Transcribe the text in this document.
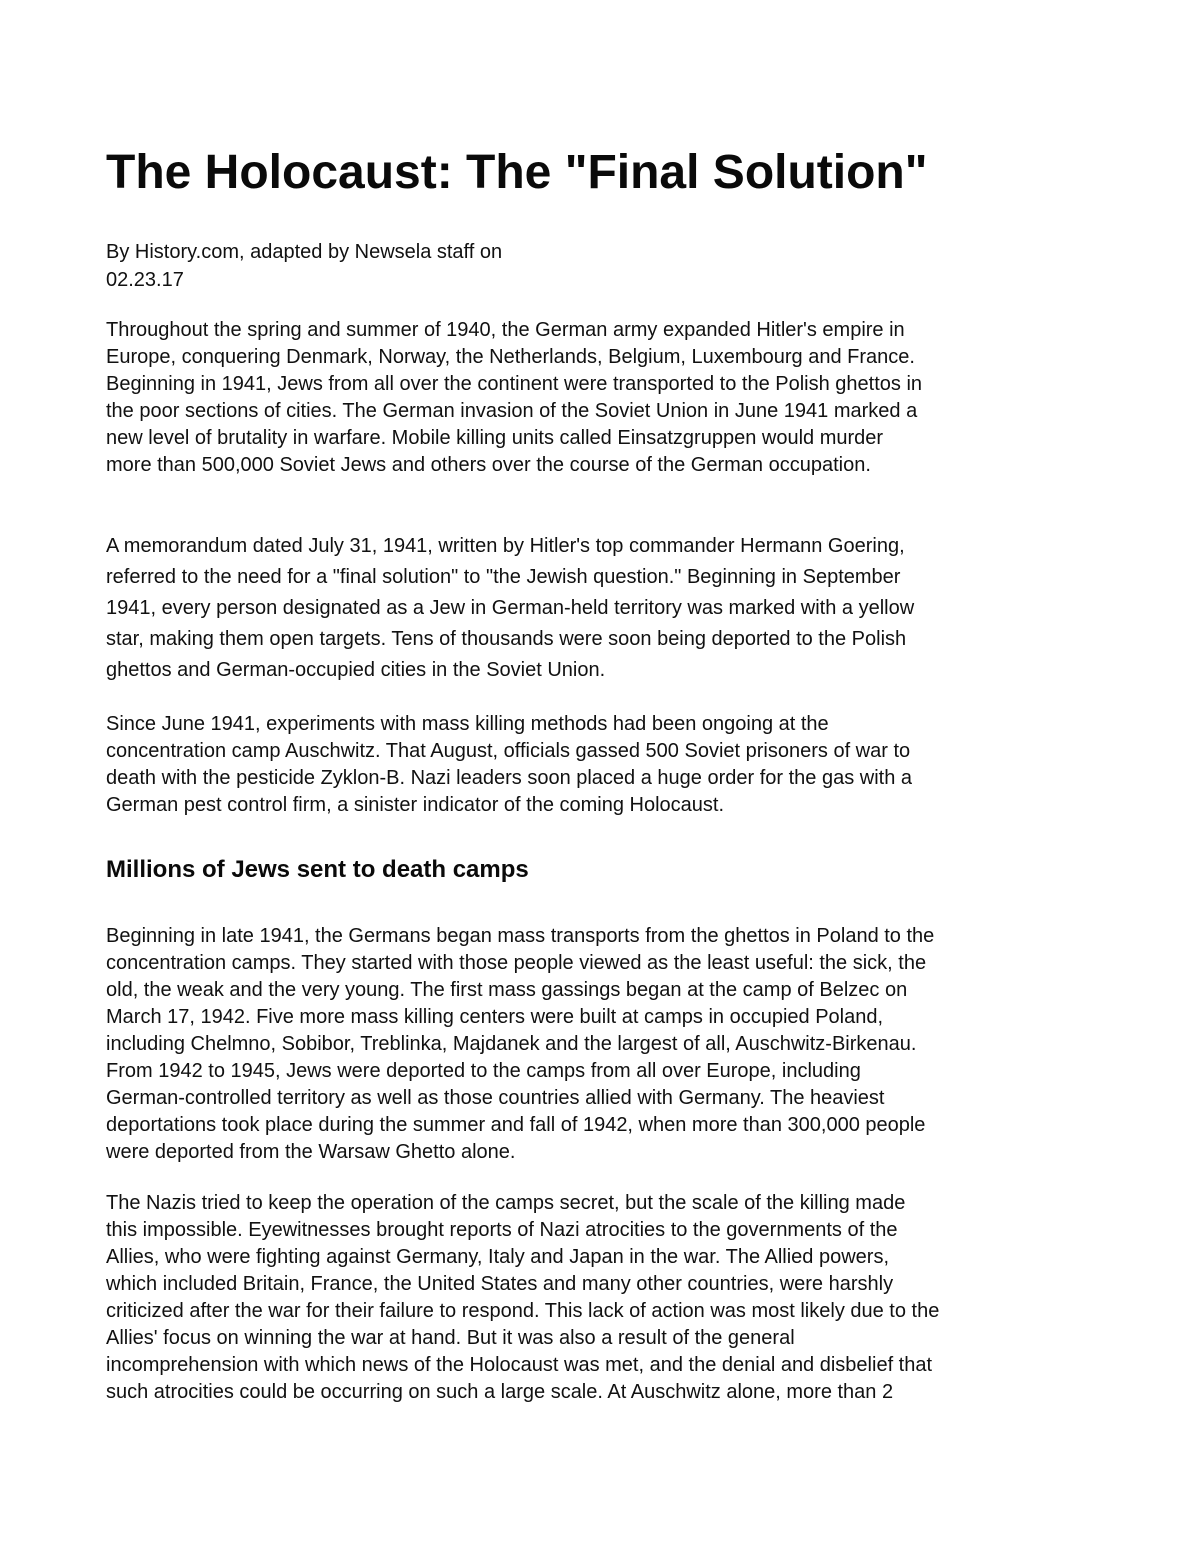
The Holocaust: The "Final Solution"
By History.com, adapted by Newsela staff on
02.23.17
Throughout the spring and summer of 1940, the German army expanded Hitler's empire in
Europe, conquering Denmark, Norway, the Netherlands, Belgium, Luxembourg and France.
Beginning in 1941, Jews from all over the continent were transported to the Polish ghettos in
the poor sections of cities. The German invasion of the Soviet Union in June 1941 marked a
new level of brutality in warfare. Mobile killing units called Einsatzgruppen would murder
more than 500,000 Soviet Jews and others over the course of the German occupation.
A memorandum dated July 31, 1941, written by Hitler's top commander Hermann Goering,
referred to the need for a "final solution" to "the Jewish question." Beginning in September
1941, every person designated as a Jew in German-held territory was marked with a yellow
star, making them open targets. Tens of thousands were soon being deported to the Polish
ghettos and German-occupied cities in the Soviet Union.
Since June 1941, experiments with mass killing methods had been ongoing at the
concentration camp Auschwitz. That August, officials gassed 500 Soviet prisoners of war to
death with the pesticide Zyklon-B. Nazi leaders soon placed a huge order for the gas with a
German pest control firm, a sinister indicator of the coming Holocaust.
Millions of Jews sent to death camps
Beginning in late 1941, the Germans began mass transports from the ghettos in Poland to the
concentration camps. They started with those people viewed as the least useful: the sick, the
old, the weak and the very young. The first mass gassings began at the camp of Belzec on
March 17, 1942. Five more mass killing centers were built at camps in occupied Poland,
including Chelmno, Sobibor, Treblinka, Majdanek and the largest of all, Auschwitz-Birkenau.
From 1942 to 1945, Jews were deported to the camps from all over Europe, including
German-controlled territory as well as those countries allied with Germany. The heaviest
deportations took place during the summer and fall of 1942, when more than 300,000 people
were deported from the Warsaw Ghetto alone.
The Nazis tried to keep the operation of the camps secret, but the scale of the killing made
this impossible. Eyewitnesses brought reports of Nazi atrocities to the governments of the
Allies, who were fighting against Germany, Italy and Japan in the war. The Allied powers,
which included Britain, France, the United States and many other countries, were harshly
criticized after the war for their failure to respond. This lack of action was most likely due to the
Allies' focus on winning the war at hand. But it was also a result of the general
incomprehension with which news of the Holocaust was met, and the denial and disbelief that
such atrocities could be occurring on such a large scale. At Auschwitz alone, more than 2
